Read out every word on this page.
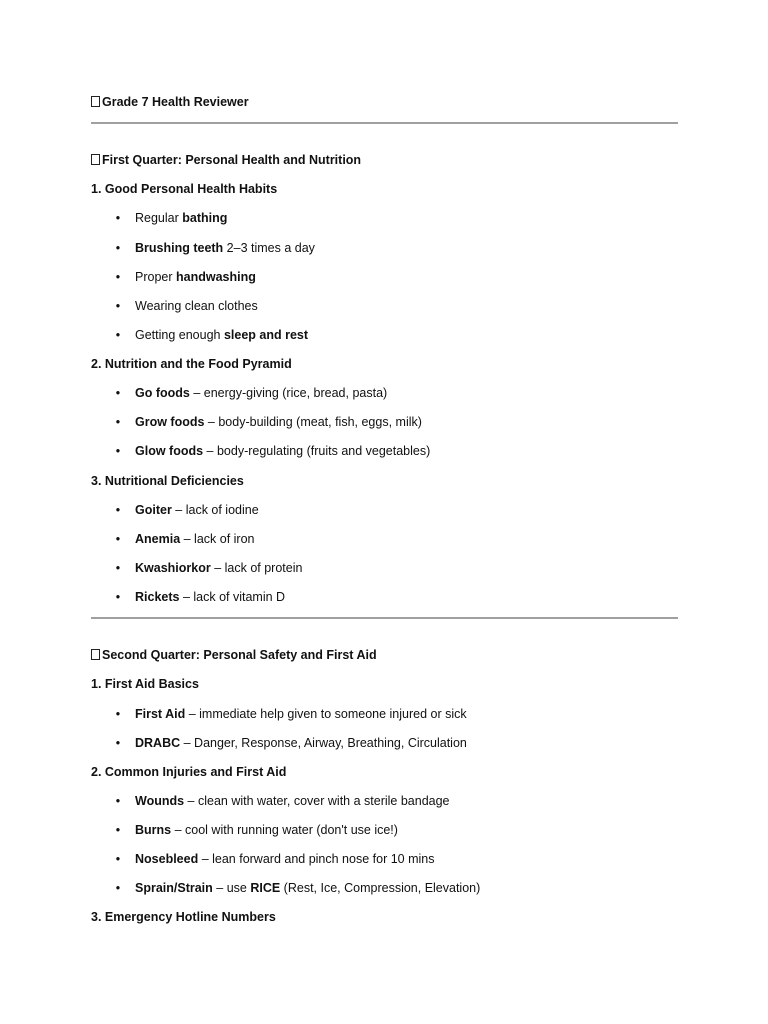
Grade 7 Health Reviewer
First Quarter: Personal Health and Nutrition
1. Good Personal Health Habits
• Regular bathing
• Brushing teeth 2–3 times a day
• Proper handwashing
• Wearing clean clothes
• Getting enough sleep and rest
2. Nutrition and the Food Pyramid
• Go foods – energy-giving (rice, bread, pasta)
• Grow foods – body-building (meat, fish, eggs, milk)
• Glow foods – body-regulating (fruits and vegetables)
3. Nutritional Deficiencies
• Goiter – lack of iodine
• Anemia – lack of iron
• Kwashiorkor – lack of protein
• Rickets – lack of vitamin D
Second Quarter: Personal Safety and First Aid
1. First Aid Basics
• First Aid – immediate help given to someone injured or sick
• DRABC – Danger, Response, Airway, Breathing, Circulation
2. Common Injuries and First Aid
• Wounds – clean with water, cover with a sterile bandage
• Burns – cool with running water (don't use ice!)
• Nosebleed – lean forward and pinch nose for 10 mins
• Sprain/Strain – use RICE (Rest, Ice, Compression, Elevation)
3. Emergency Hotline Numbers
